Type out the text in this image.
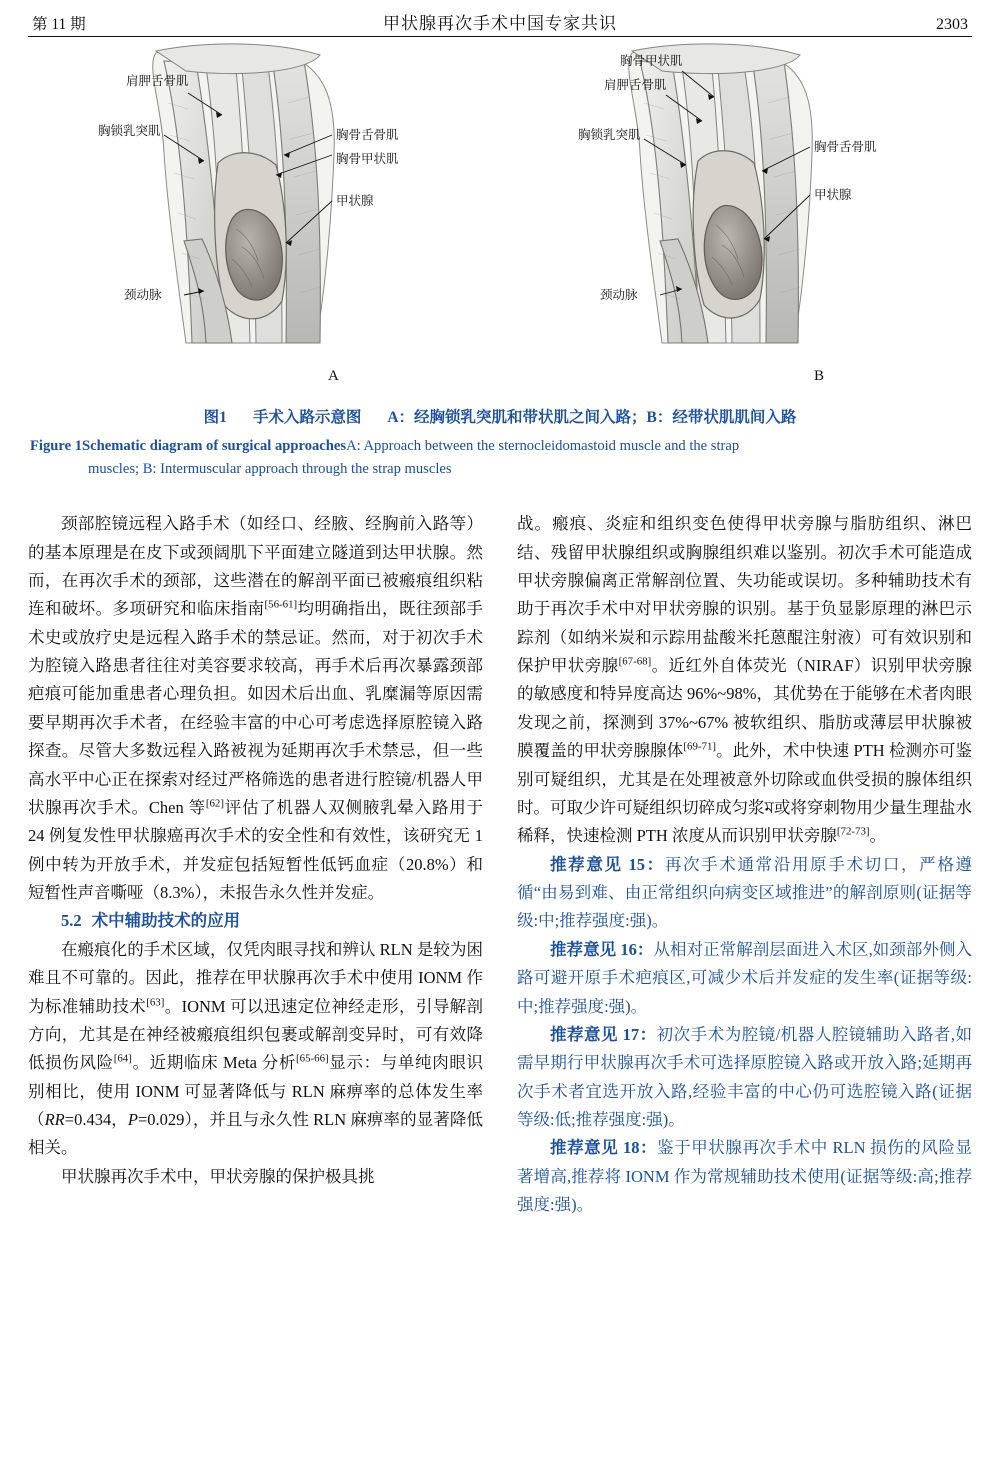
第 11 期	甲状腺再次手术中国专家共识	2303
肩胛舌骨肌
胸锁乳突肌	胸骨舌骨肌
胸骨甲状肌
甲状腺
颈动脉
A
胸骨甲状肌
肩胛舌骨肌
胸锁乳突肌
胸骨舌骨肌
甲状腺
颈动脉
B
图1 手术入路示意图 A：经胸锁乳突肌和带状肌之间入路；B：经带状肌肌间入路
Figure 1Schematic diagram of surgical approachesA: Approach between the sternocleidomastoid muscle and the strap
muscles; B: Intermuscular approach through the strap muscles

颈部腔镜远程入路手术（如经口、经腋、经胸前入路等）的基本原理是在皮下或颈阔肌下平面建立隧道到达甲状腺。然而，在再次手术的颈部，这些潜在的解剖平面已被瘢痕组织粘连和破坏。多项研究和临床指南[56-61]均明确指出，既往颈部手术史或放疗史是远程入路手术的禁忌证。然而，对于初次手术为腔镜入路患者往往对美容要求较高，再手术后再次暴露颈部疤痕可能加重患者心理负担。如因术后出血、乳糜漏等原因需要早期再次手术者，在经验丰富的中心可考虑选择原腔镜入路探查。尽管大多数远程入路被视为延期再次手术禁忌，但一些高水平中心正在探索对经过严格筛选的患者进行腔镜/机器人甲状腺再次手术。Chen 等[62]评估了机器人双侧腋乳晕入路用于 24 例复发性甲状腺癌再次手术的安全性和有效性，该研究无 1 例中转为开放手术，并发症包括短暂性低钙血症（20.8%）和短暂性声音嘶哑（8.3%），未报告永久性并发症。

5.2 术中辅助技术的应用

在瘢痕化的手术区域，仅凭肉眼寻找和辨认 RLN 是较为困难且不可靠的。因此，推荐在甲状腺再次手术中使用 IONM 作为标准辅助技术[63]。IONM 可以迅速定位神经走形，引导解剖方向，尤其是在神经被瘢痕组织包裹或解剖变异时，可有效降低损伤风险[64]。近期临床 Meta 分析[65-66]显示：与单纯肉眼识别相比，使用 IONM 可显著降低与 RLN 麻痹率的总体发生率（RR=0.434，P=0.029），并且与永久性 RLN 麻痹率的显著降低相关。

甲状腺再次手术中，甲状旁腺的保护极具挑

战。瘢痕、炎症和组织变色使得甲状旁腺与脂肪组织、淋巴结、残留甲状腺组织或胸腺组织难以鉴别。初次手术可能造成甲状旁腺偏离正常解剖位置、失功能或误切。多种辅助技术有助于再次手术中对甲状旁腺的识别。基于负显影原理的淋巴示踪剂（如纳米炭和示踪用盐酸米托蒽醌注射液）可有效识别和保护甲状旁腺[67-68]。近红外自体荧光（NIRAF）识别甲状旁腺的敏感度和特异度高达 96%~98%，其优势在于能够在术者肉眼发现之前，探测到 37%~67% 被软组织、脂肪或薄层甲状腺被膜覆盖的甲状旁腺腺体[69-71]。此外，术中快速 PTH 检测亦可鉴别可疑组织，尤其是在处理被意外切除或血供受损的腺体组织时。可取少许可疑组织切碎成匀浆ম或将穿刺物用少量生理盐水稀释，快速检测 PTH 浓度从而识别甲状旁腺[72-73]。

推荐意见 15：再次手术通常沿用原手术切口，严格遵循“由易到难、由正常组织向病变区域推进”的解剖原则(证据等级:中;推荐强度:强)。

推荐意见 16：从相对正常解剖层面进入术区,如颈部外侧入路可避开原手术疤痕区,可减少术后并发症的发生率(证据等级:中;推荐强度:强)。

推荐意见 17：初次手术为腔镜/机器人腔镜辅助入路者,如需早期行甲状腺再次手术可选择原腔镜入路或开放入路;延期再次手术者宜选开放入路,经验丰富的中心仍可选腔镜入路(证据等级:低;推荐强度:强)。

推荐意见 18：鉴于甲状腺再次手术中 RLN 损伤的风险显著增高,推荐将 IONM 作为常规辅助技术使用(证据等级:高;推荐强度:强)。
